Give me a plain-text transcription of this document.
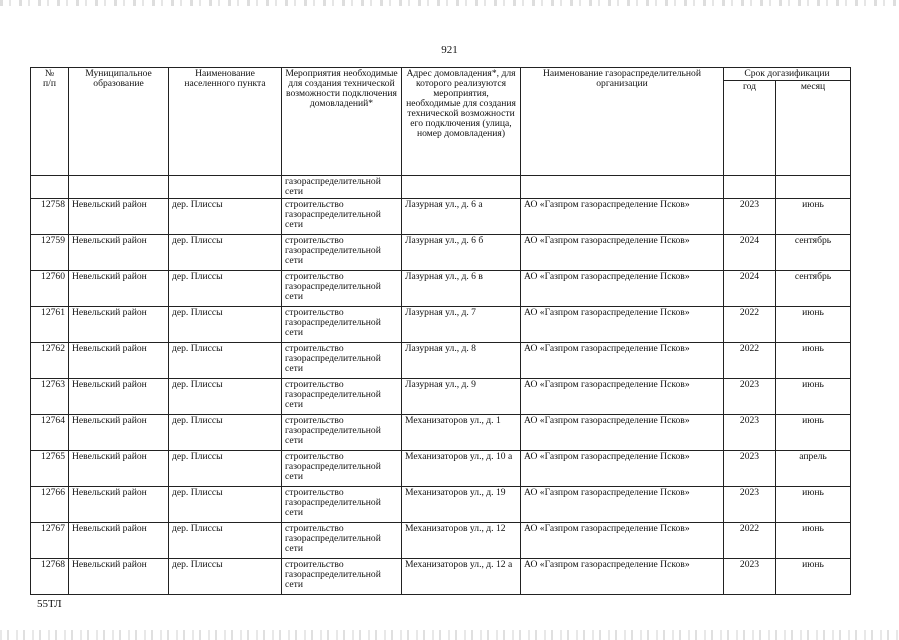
921
№
п/п	Муниципальное образование	Наименование населенного пункта	Мероприятия необходимые для создания технической возможности подключения домовладений*	Адрес домовладения*, для которого реализуются мероприятия, необходимые для создания технической возможности его подключения (улица, номер домовладения)	Наименование газораспределительной организации	Срок догазификации	
						год	месяц
			газораспределительной сети				
12758	Невельский район	дер. Плиссы	строительство газораспределительной сети	Лазурная ул., д. 6 а	АО «Газпром газораспределение Псков»	2023	июнь
12759	Невельский район	дер. Плиссы	строительство газораспределительной сети	Лазурная ул., д. 6 б	АО «Газпром газораспределение Псков»	2024	сентябрь
12760	Невельский район	дер. Плиссы	строительство газораспределительной сети	Лазурная ул., д. 6 в	АО «Газпром газораспределение Псков»	2024	сентябрь
12761	Невельский район	дер. Плиссы	строительство газораспределительной сети	Лазурная ул., д. 7	АО «Газпром газораспределение Псков»	2022	июнь
12762	Невельский район	дер. Плиссы	строительство газораспределительной сети	Лазурная ул., д. 8	АО «Газпром газораспределение Псков»	2022	июнь
12763	Невельский район	дер. Плиссы	строительство газораспределительной сети	Лазурная ул., д. 9	АО «Газпром газораспределение Псков»	2023	июнь
12764	Невельский район	дер. Плиссы	строительство газораспределительной сети	Механизаторов ул., д. 1	АО «Газпром газораспределение Псков»	2023	июнь
12765	Невельский район	дер. Плиссы	строительство газораспределительной сети	Механизаторов ул., д. 10 а	АО «Газпром газораспределение Псков»	2023	апрель
12766	Невельский район	дер. Плиссы	строительство газораспределительной сети	Механизаторов ул., д. 19	АО «Газпром газораспределение Псков»	2023	июнь
12767	Невельский район	дер. Плиссы	строительство газораспределительной сети	Механизаторов ул., д. 12	АО «Газпром газораспределение Псков»	2022	июнь
12768	Невельский район	дер. Плиссы	строительство газораспределительной сети	Механизаторов ул., д. 12 а	АО «Газпром газораспределение Псков»	2023	июнь
55ТЛ
